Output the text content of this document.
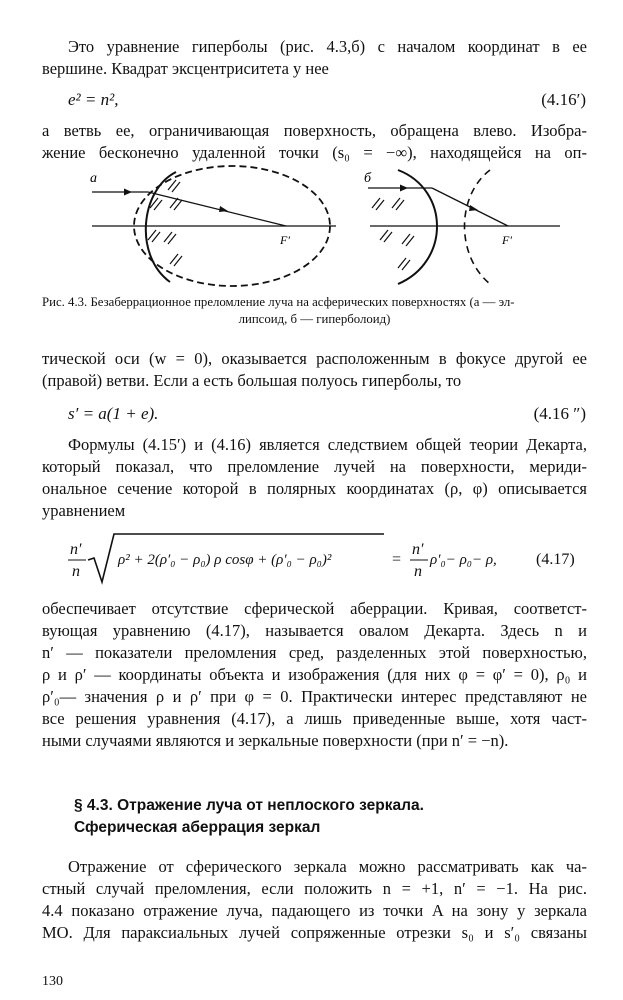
Это уравнение гиперболы (рис. 4.3,б) с началом координат в ее
вершине. Квадрат эксцентриситета у нее
e² = n²,	(4.16′)
а ветвь ее, ограничивающая поверхность, обращена влево. Изобра-
жение бесконечно удаленной точки (s₀ = −∞), находящейся на оп-
а
F′
б
F′
Рис. 4.3. Безаберрационное преломление луча на асферических поверхностях (а — эл-
липсоид, б — гиперболоид)
тической оси (w = 0), оказывается расположенным в фокусе другой ее
(правой) ветви. Если a есть большая полуось гиперболы, то
s′ = a(1 + e).	(4.16 ″)
Формулы (4.15′) и (4.16) является следствием общей теории Декарта,
который показал, что преломление лучей на поверхности, мериди-
ональное сечение которой в полярных координатах (ρ, φ) описывается
уравнением
n′
n
ρ² + 2(ρ′₀ − ρ₀) ρ cosφ + (ρ′₀ − ρ₀)²	=
n′
n
ρ′₀− ρ₀− ρ, (4.17)
обеспечивает отсутствие сферической аберрации. Кривая, соответст-
вующая уравнению (4.17), называется овалом Декарта. Здесь n и
n′ — показатели преломления сред, разделенных этой поверхностью,
ρ и ρ′ — координаты объекта и изображения (для них φ = φ′ = 0), ρ₀ и
ρ′₀— значения ρ и ρ′ при φ = 0. Практически интерес представляют не
все решения уравнения (4.17), а лишь приведенные выше, хотя част-
ными случаями являются и зеркальные поверхности (при n′ = −n).
§ 4.3. Отражение луча от неплоского зеркала.
Сферическая аберрация зеркал
Отражение от сферического зеркала можно рассматривать как ча-
стный случай преломления, если положить n = +1, n′ = −1. На рис.
4.4 показано отражение луча, падающего из точки A на зону y зеркала
MO. Для параксиальных лучей сопряженные отрезки s₀ и s′₀ связаны
130
